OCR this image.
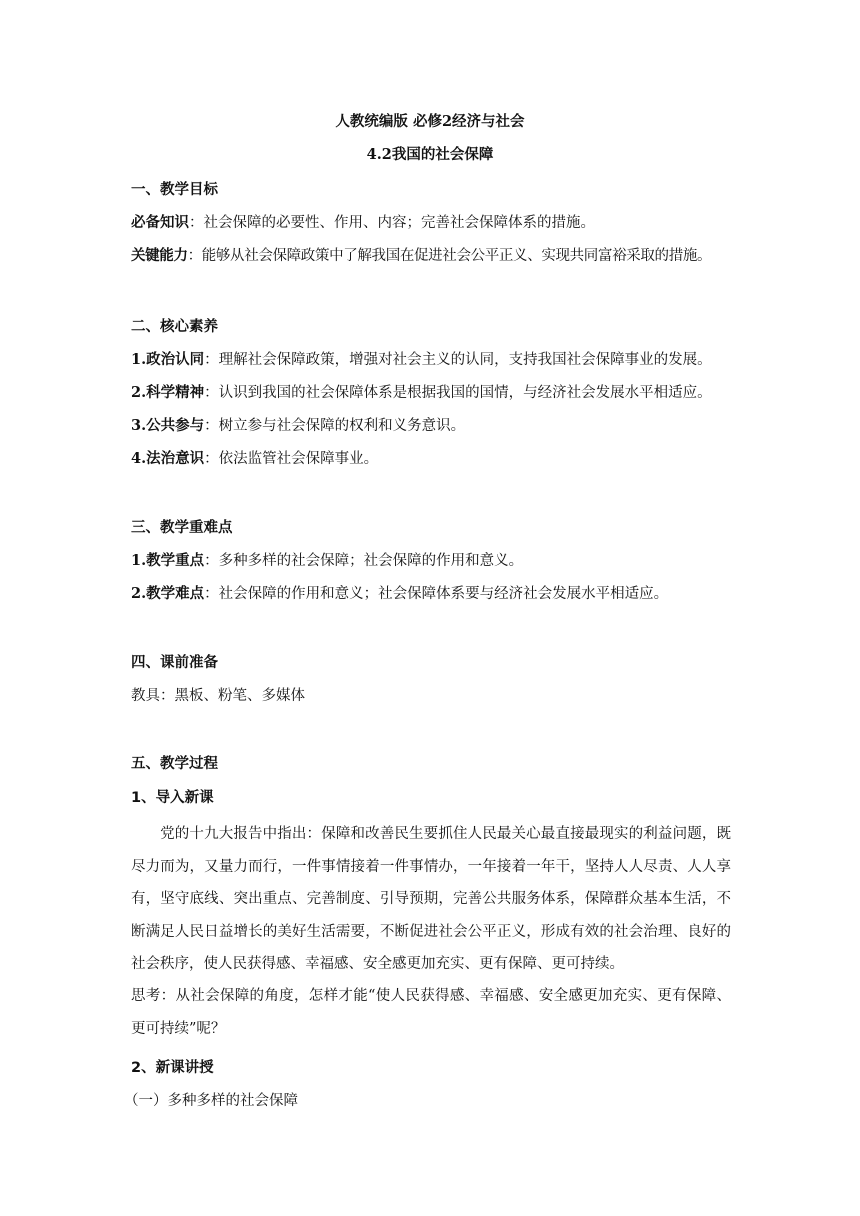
人教统编版 必修2经济与社会
4.2我国的社会保障
一、教学目标
必备知识：社会保障的必要性、作用、内容；完善社会保障体系的措施。
关键能力：能够从社会保障政策中了解我国在促进社会公平正义、实现共同富裕采取的措施。
二、核心素养
1.政治认同：理解社会保障政策，增强对社会主义的认同，支持我国社会保障事业的发展。
2.科学精神：认识到我国的社会保障体系是根据我国的国情，与经济社会发展水平相适应。
3.公共参与：树立参与社会保障的权利和义务意识。
4.法治意识：依法监管社会保障事业。
三、教学重难点
1.教学重点：多种多样的社会保障；社会保障的作用和意义。
2.教学难点：社会保障的作用和意义；社会保障体系要与经济社会发展水平相适应。
四、课前准备
教具：黑板、粉笔、多媒体
五、教学过程
1、导入新课
党的十九大报告中指出：保障和改善民生要抓住人民最关心最直接最现实的利益问题，既尽力而为，又量力而行，一件事情接着一件事情办，一年接着一年干，坚持人人尽责、人人享有，坚守底线、突出重点、完善制度、引导预期，完善公共服务体系，保障群众基本生活，不断满足人民日益增长的美好生活需要，不断促进社会公平正义，形成有效的社会治理、良好的社会秩序，使人民获得感、幸福感、安全感更加充实、更有保障、更可持续。
思考：从社会保障的角度，怎样才能“使人民获得感、幸福感、安全感更加充实、更有保障、更可持续”呢？
2、新课讲授
（一）多种多样的社会保障
